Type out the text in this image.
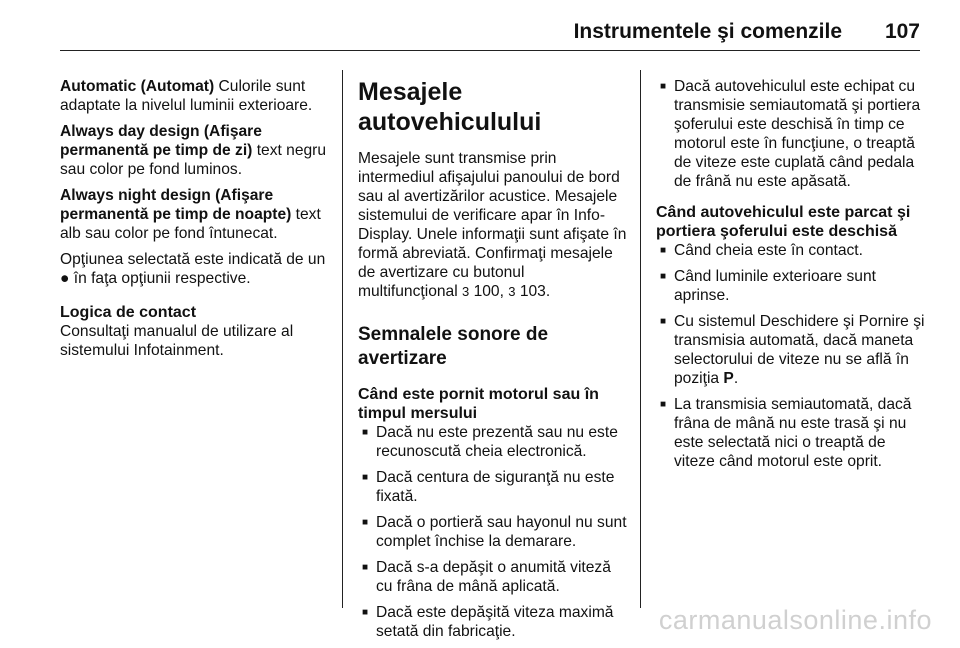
Instrumentele şi comenzile 107

Automatic (Automat) Culorile sunt adaptate la nivelul luminii exterioare.

Always day design (Afişare permanentă pe timp de zi) text negru sau color pe fond luminos.

Always night design (Afişare permanentă pe timp de noapte) text alb sau color pe fond întunecat.

Opţiunea selectată este indicată de un ● în faţa opţiunii respective.

Logica de contact

Consultaţi manualul de utilizare al sistemului Infotainment.

Mesajele autovehiculului

Mesajele sunt transmise prin intermediul afişajului panoului de bord sau al avertizărilor acustice. Mesajele sistemului de verificare apar în Info-Display. Unele informaţii sunt afişate în formă abreviată. Confirmaţi mesajele de avertizare cu butonul multifuncţional 3 100, 3 103.

Semnalele sonore de avertizare
Când este pornit motorul sau în timpul mersului
■ Dacă nu este prezentă sau nu este recunoscută cheia electronică.
■ Dacă centura de siguranţă nu este fixată.
■ Dacă o portieră sau hayonul nu sunt complet închise la demarare.
■ Dacă s-a depăşit o anumită viteză cu frâna de mână aplicată.
■ Dacă este depăşită viteza maximă setată din fabricaţie.
■ Dacă autovehiculul este echipat cu transmisie semiautomată şi portiera şoferului este deschisă în timp ce motorul este în funcţiune, o treaptă de viteze este cuplată când pedala de frână nu este apăsată.
Când autovehiculul este parcat şi portiera şoferului este deschisă
■ Când cheia este în contact.
■ Când luminile exterioare sunt aprinse.
■ Cu sistemul Deschidere şi Pornire şi transmisia automată, dacă maneta selectorului de viteze nu se află în poziţia P.
■ La transmisia semiautomată, dacă frâna de mână nu este trasă şi nu este selectată nici o treaptă de viteze când motorul este oprit.
carmanualsonline.info
